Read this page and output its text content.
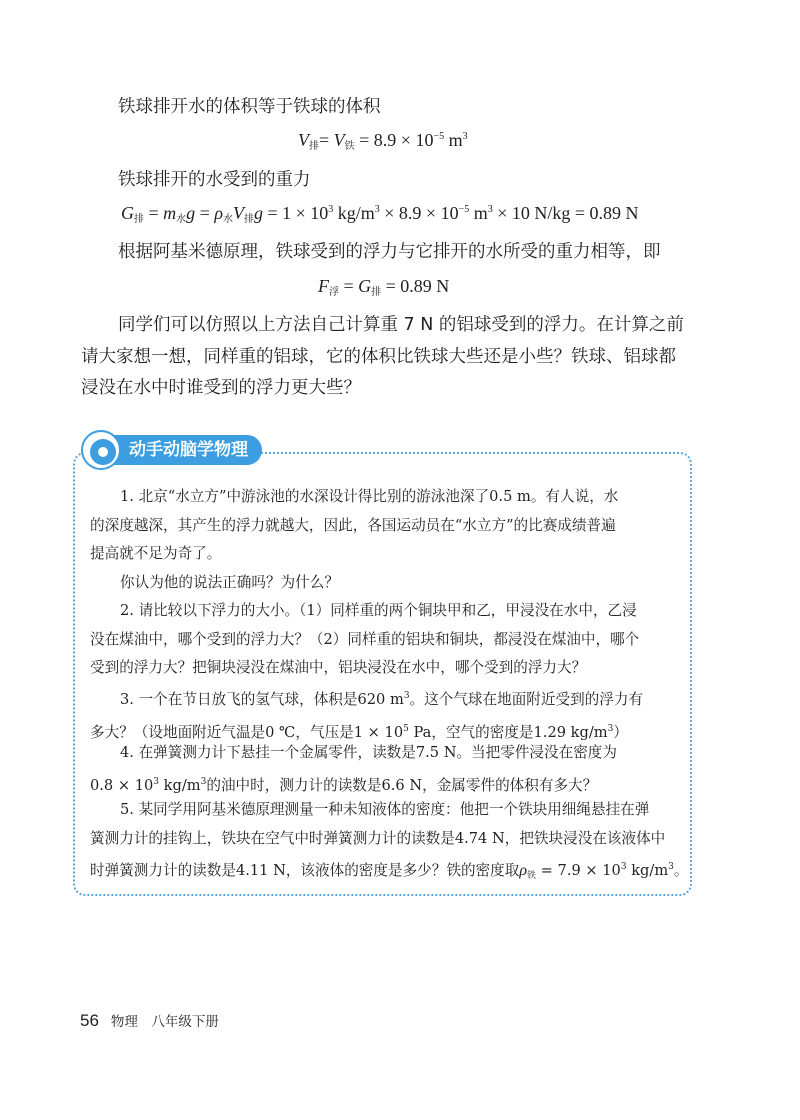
铁球排开水的体积等于铁球的体积
$V_排= V_铁 = 8.9 \times 10^{-5}$ $m^3$
铁球排开的水受到的重力
$G_排 = m_水g = \rho_水V_排g = 1 \times 10^3$ $kg/m^3 \times 8.9 \times 10^{-5}$ $m^3 \times 10$ N/kg = 0.89 N
根据阿基米德原理，铁球受到的浮力与它排开的水所受的重力相等，即
$F_浮 = G_排 = 0.89$ N
同学们可以仿照以上方法自己计算重 7 N 的铝球受到的浮力。在计算之前
请大家想一想，同样重的铝球，它的体积比铁球大些还是小些？铁球、铝球都
浸没在水中时谁受到的浮力更大些？
动手动脑学物理
1. 北京“水立方”中游泳池的水深设计得比别的游泳池深了0.5 m。有人说，水
的深度越深，其产生的浮力就越大，因此，各国运动员在“水立方”的比赛成绩普遍
提高就不足为奇了。
你认为他的说法正确吗？为什么？
2. 请比较以下浮力的大小。（1）同样重的两个铜块甲和乙，甲浸没在水中，乙浸
没在煤油中，哪个受到的浮力大？（2）同样重的铝块和铜块，都浸没在煤油中，哪个
受到的浮力大？把铜块浸没在煤油中，铝块浸没在水中，哪个受到的浮力大？
3. 一个在节日放飞的氢气球，体积是620 $m^3$。这个气球在地面附近受到的浮力有
多大？（设地面附近气温是0 ℃，气压是$1 \times 10^5$ Pa，空气的密度是1.29 $kg/m^3$）
4. 在弹簧测力计下悬挂一个金属零件，读数是7.5 N。当把零件浸没在密度为
$0.8 \times 10^3$ $kg/m^3$的油中时，测力计的读数是6.6 N，金属零件的体积有多大？
5. 某同学用阿基米德原理测量一种未知液体的密度：他把一个铁块用细绳悬挂在弹
簧测力计的挂钩上，铁块在空气中时弹簧测力计的读数是4.74 N，把铁块浸没在该液体中
时弹簧测力计的读数是4.11 N，该液体的密度是多少？铁的密度取$\rho_铁 = 7.9 \times 10^3$ $kg/m^3$。
56 物理　八年级下册
